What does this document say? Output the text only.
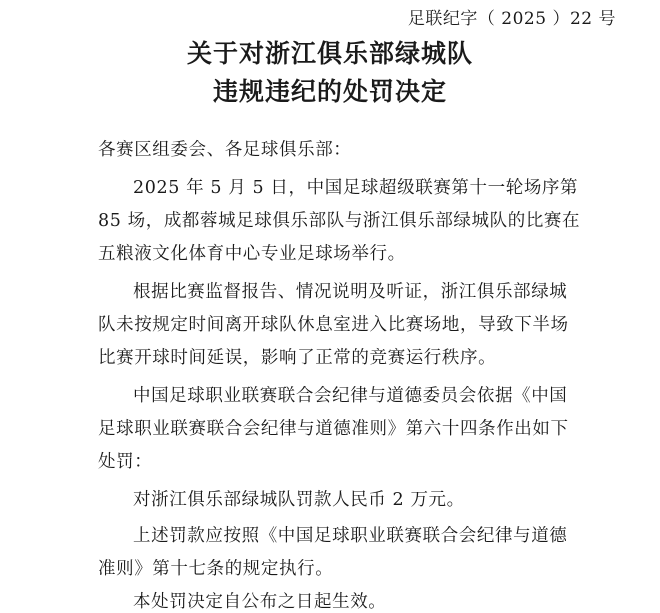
足联纪字（ 2025 ）22 号
关于对浙江俱乐部绿城队
违规违纪的处罚决定
各赛区组委会、各足球俱乐部：
2025 年 5 月 5 日，中国足球超级联赛第十一轮场序第
85 场，成都蓉城足球俱乐部队与浙江俱乐部绿城队的比赛在
五粮液文化体育中心专业足球场举行。
根据比赛监督报告、情况说明及听证，浙江俱乐部绿城
队未按规定时间离开球队休息室进入比赛场地，导致下半场
比赛开球时间延误，影响了正常的竞赛运行秩序。
中国足球职业联赛联合会纪律与道德委员会依据《中国
足球职业联赛联合会纪律与道德准则》第六十四条作出如下
处罚：
对浙江俱乐部绿城队罚款人民币 2 万元。
上述罚款应按照《中国足球职业联赛联合会纪律与道德
准则》第十七条的规定执行。
本处罚决定自公布之日起生效。
